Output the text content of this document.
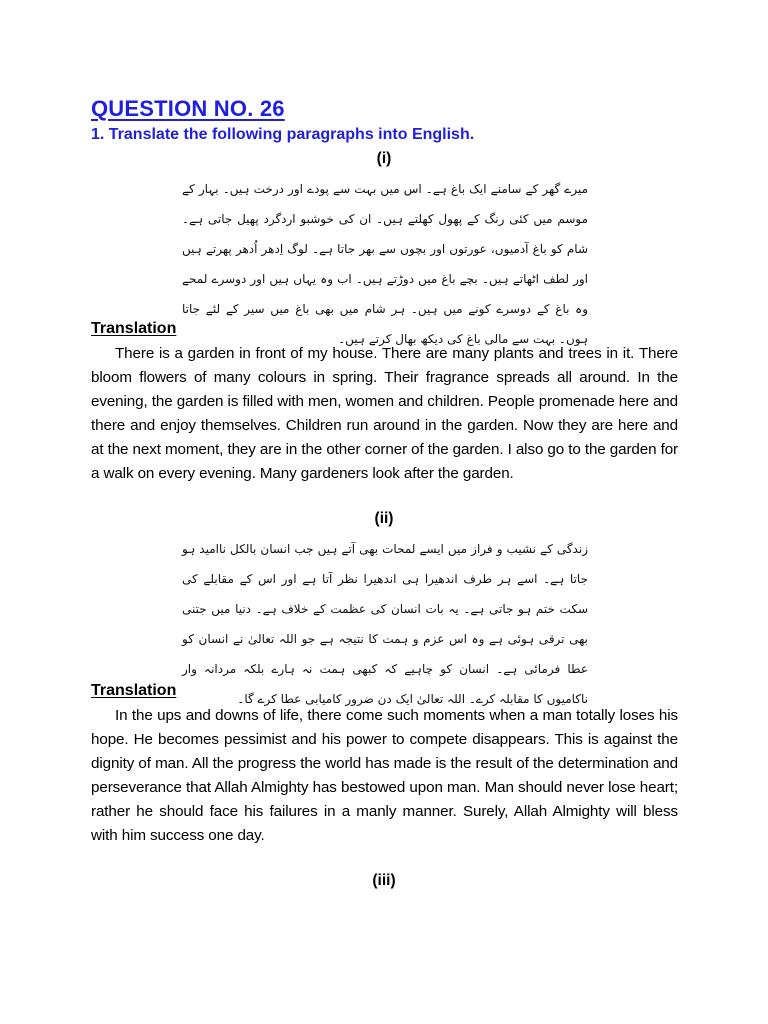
QUESTION NO. 26
1. Translate the following paragraphs into English.
(i)
میرے گھر کے سامنے ایک باغ ہے۔ اس میں بہت سے پودے اور درخت ہیں۔ بہار کے موسم میں کئی رنگ کے پھول کھلتے ہیں۔ ان کی خوشبو اردگرد پھیل جاتی ہے۔ شام کو باغ آدمیوں، عورتوں اور بچوں سے بھر جاتا ہے۔ لوگ اِدھر اُدھر پھرتے ہیں اور لطف اٹھاتے ہیں۔ بچے باغ میں دوڑتے ہیں۔ اب وہ یہاں ہیں اور دوسرے لمحے وہ باغ کے دوسرے کونے میں ہیں۔ ہر شام میں بھی باغ میں سیر کے لئے جاتا ہوں۔ بہت سے مالی باغ کی دیکھ بھال کرتے ہیں۔
Translation
There is a garden in front of my house. There are many plants and trees in it. There bloom flowers of many colours in spring. Their fragrance spreads all around. In the evening, the garden is filled with men, women and children. People promenade here and there and enjoy themselves. Children run around in the garden. Now they are here and at the next moment, they are in the other corner of the garden. I also go to the garden for a walk on every evening. Many gardeners look after the garden.
(ii)
زندگی کے نشیب و فراز میں ایسے لمحات بھی آتے ہیں جب انسان بالکل ناامید ہو جاتا ہے۔ اسے ہر طرف اندھیرا ہی اندھیرا نظر آتا ہے اور اس کے مقابلے کی سکت ختم ہو جاتی ہے۔ یہ بات انسان کی عظمت کے خلاف ہے۔ دنیا میں جتنی بھی ترقی ہوئی ہے وہ اس عزم و ہمت کا نتیجہ ہے جو اللہ تعالیٰ نے انسان کو عطا فرمائی ہے۔ انسان کو چاہیے کہ کبھی ہمت نہ ہارے بلکہ مردانہ وار ناکامیوں کا مقابلہ کرے۔ اللہ تعالیٰ ایک دن ضرور کامیابی عطا کرے گا۔
Translation
In the ups and downs of life, there come such moments when a man totally loses his hope. He becomes pessimist and his power to compete disappears. This is against the dignity of man. All the progress the world has made is the result of the determination and perseverance that Allah Almighty has bestowed upon man. Man should never lose heart; rather he should face his failures in a manly manner. Surely, Allah Almighty will bless with him success one day.
(iii)
